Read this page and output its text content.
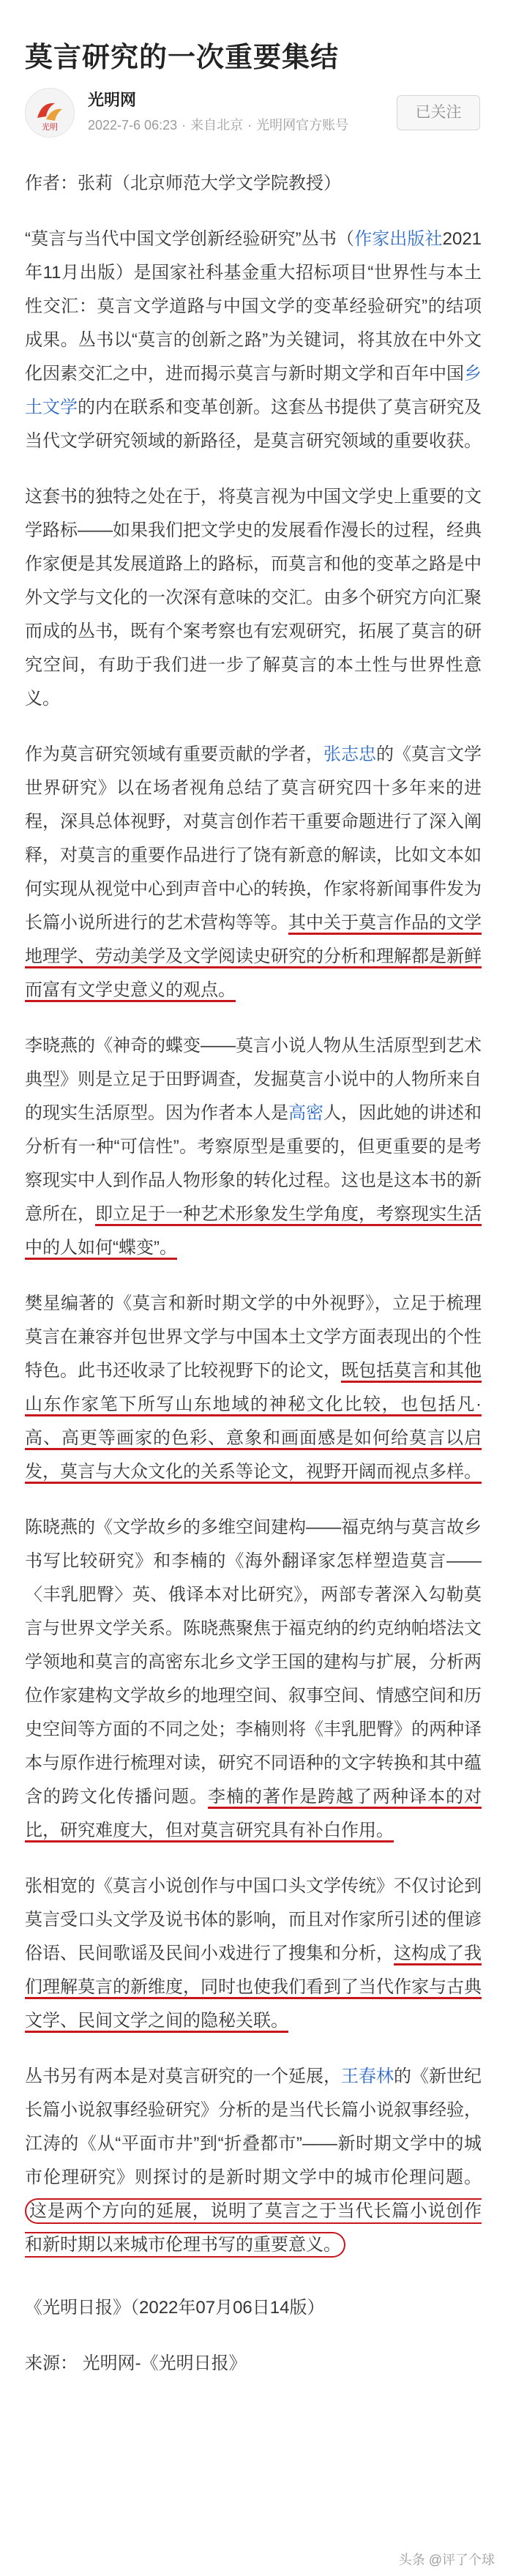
莫言研究的一次重要集结
光明
光明网
2022-7-6 06:23 · 来自北京 · 光明网官方账号
已关注
作者：张莉（北京师范大学文学院教授）
“莫言与当代中国文学创新经验研究”丛书（作家出版社2021年11月出版）是国家社科基金重大招标项目“世界性与本土性交汇：莫言文学道路与中国文学的变革经验研究”的结项成果。丛书以“莫言的创新之路”为关键词，将其放在中外文化因素交汇之中，进而揭示莫言与新时期文学和百年中国乡土文学的内在联系和变革创新。这套丛书提供了莫言研究及当代文学研究领域的新路径，是莫言研究领域的重要收获。
这套书的独特之处在于，将莫言视为中国文学史上重要的文学路标——如果我们把文学史的发展看作漫长的过程，经典作家便是其发展道路上的路标，而莫言和他的变革之路是中外文学与文化的一次深有意味的交汇。由多个研究方向汇聚而成的丛书，既有个案考察也有宏观研究，拓展了莫言的研究空间，有助于我们进一步了解莫言的本土性与世界性意义。
作为莫言研究领域有重要贡献的学者，张志忠的《莫言文学世界研究》以在场者视角总结了莫言研究四十多年来的进程，深具总体视野，对莫言创作若干重要命题进行了深入阐释，对莫言的重要作品进行了饶有新意的解读，比如文本如何实现从视觉中心到声音中心的转换，作家将新闻事件发为长篇小说所进行的艺术营构等等。其中关于莫言作品的文学地理学、劳动美学及文学阅读史研究的分析和理解都是新鲜而富有文学史意义的观点。
李晓燕的《神奇的蝶变——莫言小说人物从生活原型到艺术典型》则是立足于田野调查，发掘莫言小说中的人物所来自的现实生活原型。因为作者本人是高密人，因此她的讲述和分析有一种“可信性”。考察原型是重要的，但更重要的是考察现实中人到作品人物形象的转化过程。这也是这本书的新意所在，即立足于一种艺术形象发生学角度，考察现实生活中的人如何“蝶变”。
樊星编著的《莫言和新时期文学的中外视野》，立足于梳理莫言在兼容并包世界文学与中国本土文学方面表现出的个性特色。此书还收录了比较视野下的论文，既包括莫言和其他山东作家笔下所写山东地域的神秘文化比较，也包括凡·高、高更等画家的色彩、意象和画面感是如何给莫言以启发，莫言与大众文化的关系等论文，视野开阔而视点多样。
陈晓燕的《文学故乡的多维空间建构——福克纳与莫言故乡书写比较研究》和李楠的《海外翻译家怎样塑造莫言——〈丰乳肥臀〉英、俄译本对比研究》，两部专著深入勾勒莫言与世界文学关系。陈晓燕聚焦于福克纳的约克纳帕塔法文学领地和莫言的高密东北乡文学王国的建构与扩展，分析两位作家建构文学故乡的地理空间、叙事空间、情感空间和历史空间等方面的不同之处；李楠则将《丰乳肥臀》的两种译本与原作进行梳理对读，研究不同语种的文字转换和其中蕴含的跨文化传播问题。李楠的著作是跨越了两种译本的对比，研究难度大，但对莫言研究具有补白作用。
张相宽的《莫言小说创作与中国口头文学传统》不仅讨论到莫言受口头文学及说书体的影响，而且对作家所引述的俚谚俗语、民间歌谣及民间小戏进行了搜集和分析，这构成了我们理解莫言的新维度，同时也使我们看到了当代作家与古典文学、民间文学之间的隐秘关联。
丛书另有两本是对莫言研究的一个延展，王春林的《新世纪长篇小说叙事经验研究》分析的是当代长篇小说叙事经验，江涛的《从“平面市井”到“折叠都市”——新时期文学中的城市伦理研究》则探讨的是新时期文学中的城市伦理问题。这是两个方向的延展，说明了莫言之于当代长篇小说创作和新时期以来城市伦理书写的重要意义。
《光明日报》（2022年07月06日14版）
来源： 光明网-《光明日报》
头条 @评了个球
